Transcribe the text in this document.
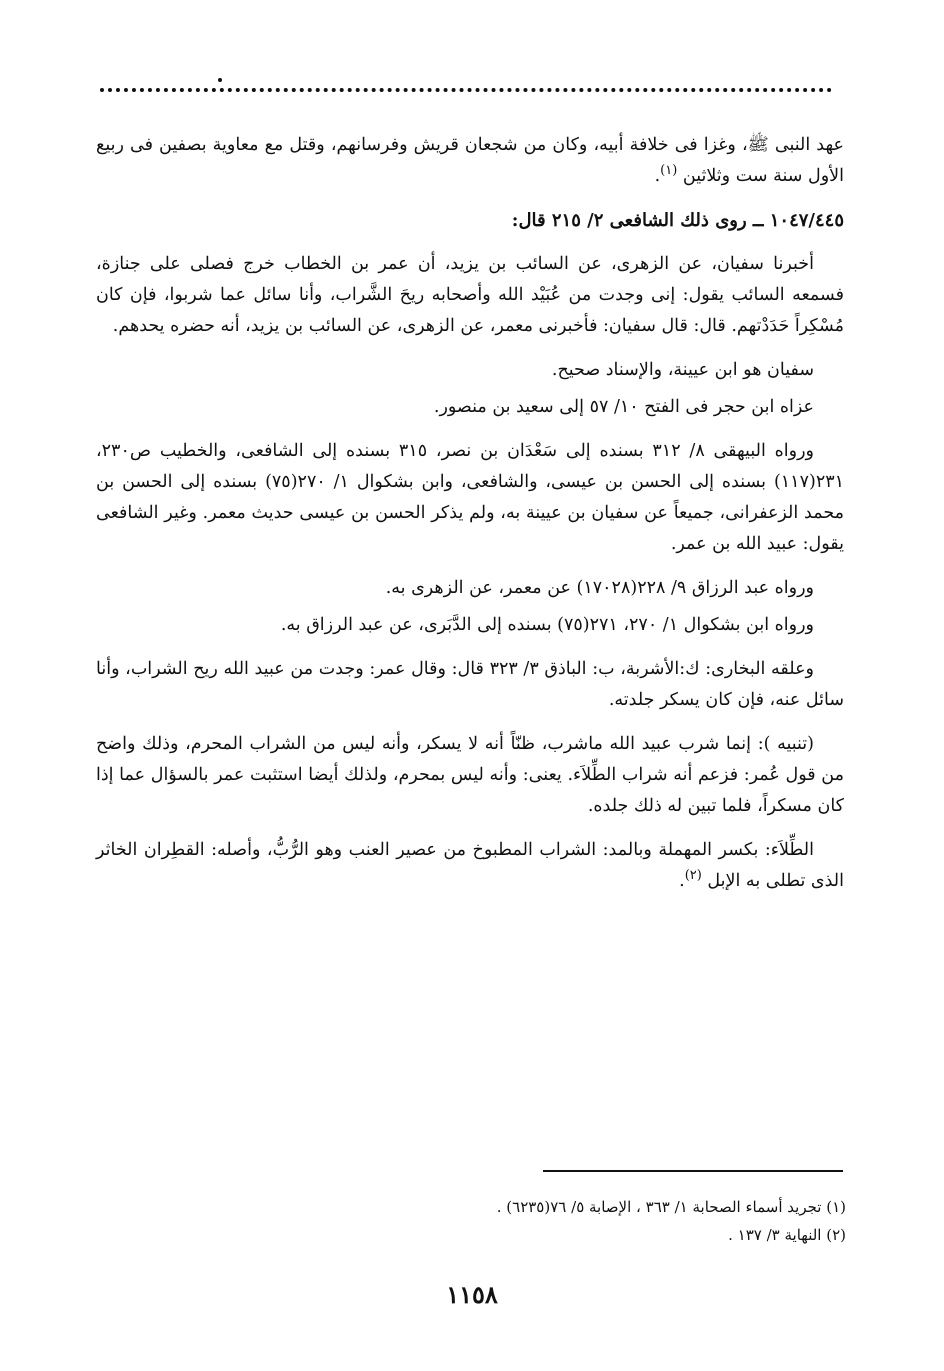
عهد النبى ﷺ، وغزا فى خلافة أبيه، وكان من شجعان قريش وفرسانهم، وقتل مع معاوية بصفين فى ربيع الأول سنة ست وثلاثين $^{(١)}$.

١٠٤٧/٤٤٥ ــ روى ذلك الشافعى ٢/ ٢١٥ قال:

أخبرنا سفيان، عن الزهرى، عن السائب بن يزيد، أن عمر بن الخطاب خرج فصلى على جنازة، فسمعه السائب يقول: إنى وجدت من عُبَيْد الله وأصحابه ريحَ الشَّراب، وأنا سائل عما شربوا، فإن كان مُسْكِراً حَدَدْتهم. قال: قال سفيان: فأخبرنى معمر، عن الزهرى، عن السائب بن يزيد، أنه حضره يحدهم.

سفيان هو ابن عيينة، والإسناد صحيح.

عزاه ابن حجر فى الفتح ١٠/ ٥٧ إلى سعيد بن منصور.

ورواه البيهقى ٨/ ٣١٢ بسنده إلى سَعْدَان بن نصر، ٣١٥ بسنده إلى الشافعى، والخطيب ص٢٣٠، ٢٣١(١١٧) بسنده إلى الحسن بن عيسى، والشافعى، وابن بشكوال ١/ ٢٧٠(٧٥) بسنده إلى الحسن بن محمد الزعفرانى، جميعاً عن سفيان بن عيينة به، ولم يذكر الحسن بن عيسى حديث معمر. وغير الشافعى يقول: عبيد الله بن عمر.

ورواه عبد الرزاق ٩/ ٢٢٨(١٧٠٢٨) عن معمر، عن الزهرى به.

ورواه ابن بشكوال ١/ ٢٧٠، ٢٧١(٧٥) بسنده إلى الدَّبَرى، عن عبد الرزاق به.

وعلقه البخارى: ك:الأشربة، ب: الباذق ٣/ ٣٢٣ قال: وقال عمر: وجدت من عبيد الله ريح الشراب، وأنا سائل عنه، فإن كان يسكر جلدته.

(تنبيه ): إنما شرب عبيد الله ماشرب، ظنّاً أنه لا يسكر، وأنه ليس من الشراب المحرم، وذلك واضح من قول عُمر: فزعم أنه شراب الطِّلاَء. يعنى: وأنه ليس بمحرم، ولذلك أيضا استثبت عمر بالسؤال عما إذا كان مسكراً، فلما تبين له ذلك جلده.

الطِّلاَء: بكسر المهملة وبالمد: الشراب المطبوخ من عصير العنب وهو الرُّبُّ، وأصله: القطِران الخاثر الذى تطلى به الإبل $^{(٢)}$.

(١) تجريد أسماء الصحابة ١/ ٣٦٣ ، الإصابة ٥/ ٧٦(٦٢٣٥) .
(٢) النهاية ٣/ ١٣٧ .
١١٥٨
